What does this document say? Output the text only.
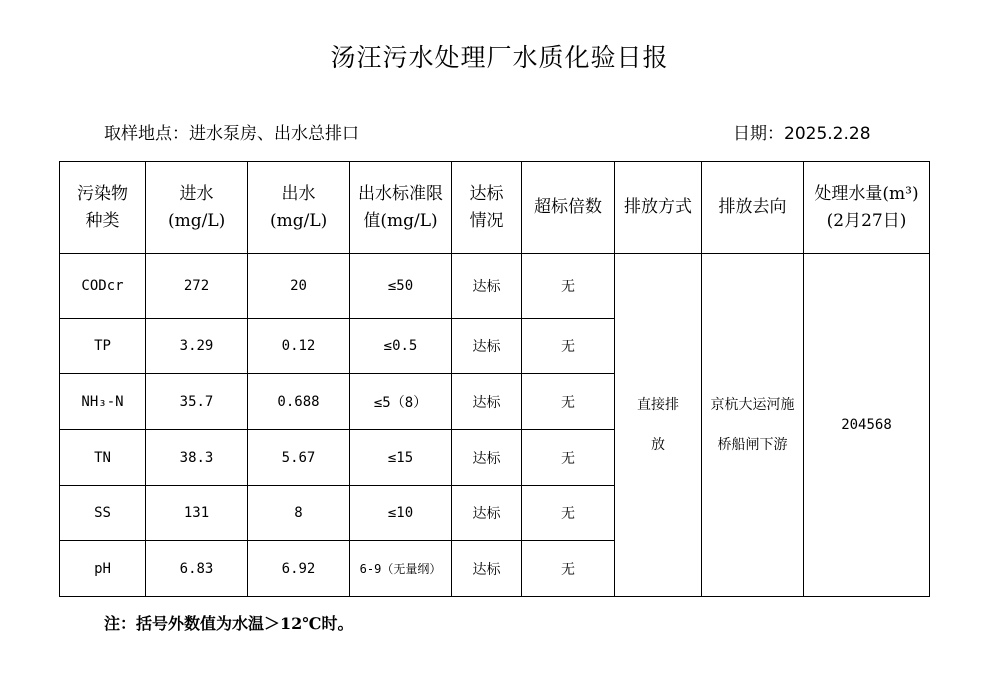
汤汪污水处理厂水质化验日报
取样地点：进水泵房、出水总排口	日期：2025.2.28
污染物种类	进水(mg/L)	出水(mg/L)	出水标准限值(mg/L)	达标情况	超标倍数	排放方式	排放去向	处理水量(m³)(2月27日)
CODcr	272	20	≤50	达标	无	直接排放	京杭大运河施桥船闸下游	204568
TP	3.29	0.12	≤0.5	达标	无			
NH₃-N	35.7	0.688	≤5（8）	达标	无			
TN	38.3	5.67	≤15	达标	无			
SS	131	8	≤10	达标	无			
pH	6.83	6.92	6-9（无量纲）	达标	无			
注：括号外数值为水温＞12℃时。
